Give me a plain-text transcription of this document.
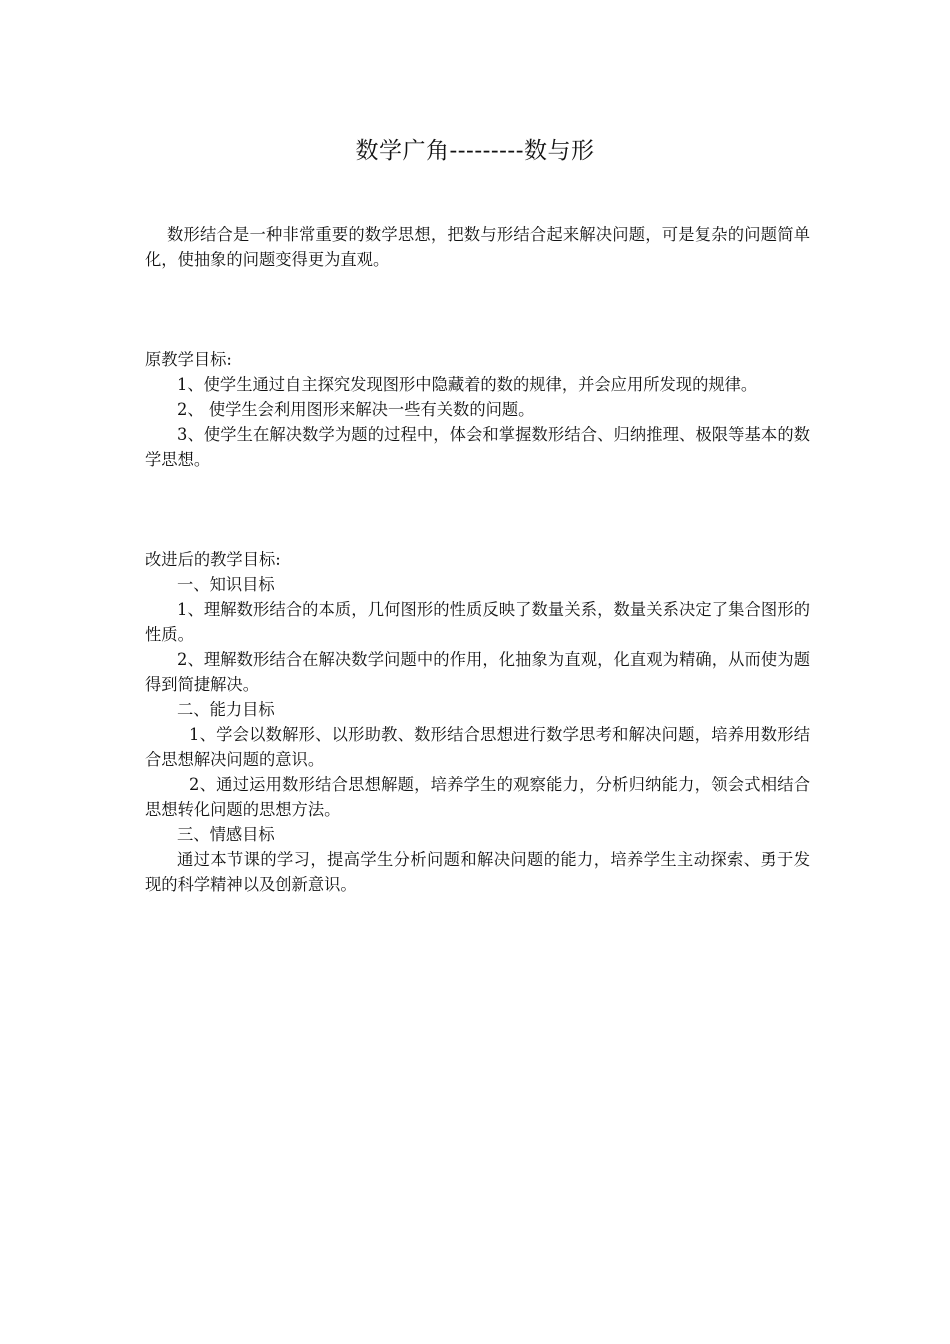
数学广角---------数与形

数形结合是一种非常重要的数学思想，把数与形结合起来解决问题，可是复杂的问题简单化，使抽象的问题变得更为直观。

原教学目标:

1、使学生通过自主探究发现图形中隐藏着的数的规律，并会应用所发现的规律。

2、 使学生会利用图形来解决一些有关数的问题。

3、使学生在解决数学为题的过程中，体会和掌握数形结合、归纳推理、极限等基本的数学思想。

改进后的教学目标:

一、知识目标

1、理解数形结合的本质，几何图形的性质反映了数量关系，数量关系决定了集合图形的性质。

2、理解数形结合在解决数学问题中的作用，化抽象为直观，化直观为精确，从而使为题得到简捷解决。

二、能力目标

1、学会以数解形、以形助教、数形结合思想进行数学思考和解决问题，培养用数形结合思想解决问题的意识。

2、通过运用数形结合思想解题，培养学生的观察能力，分析归纳能力，领会式相结合思想转化问题的思想方法。

三、情感目标

通过本节课的学习，提高学生分析问题和解决问题的能力，培养学生主动探索、勇于发现的科学精神以及创新意识。
